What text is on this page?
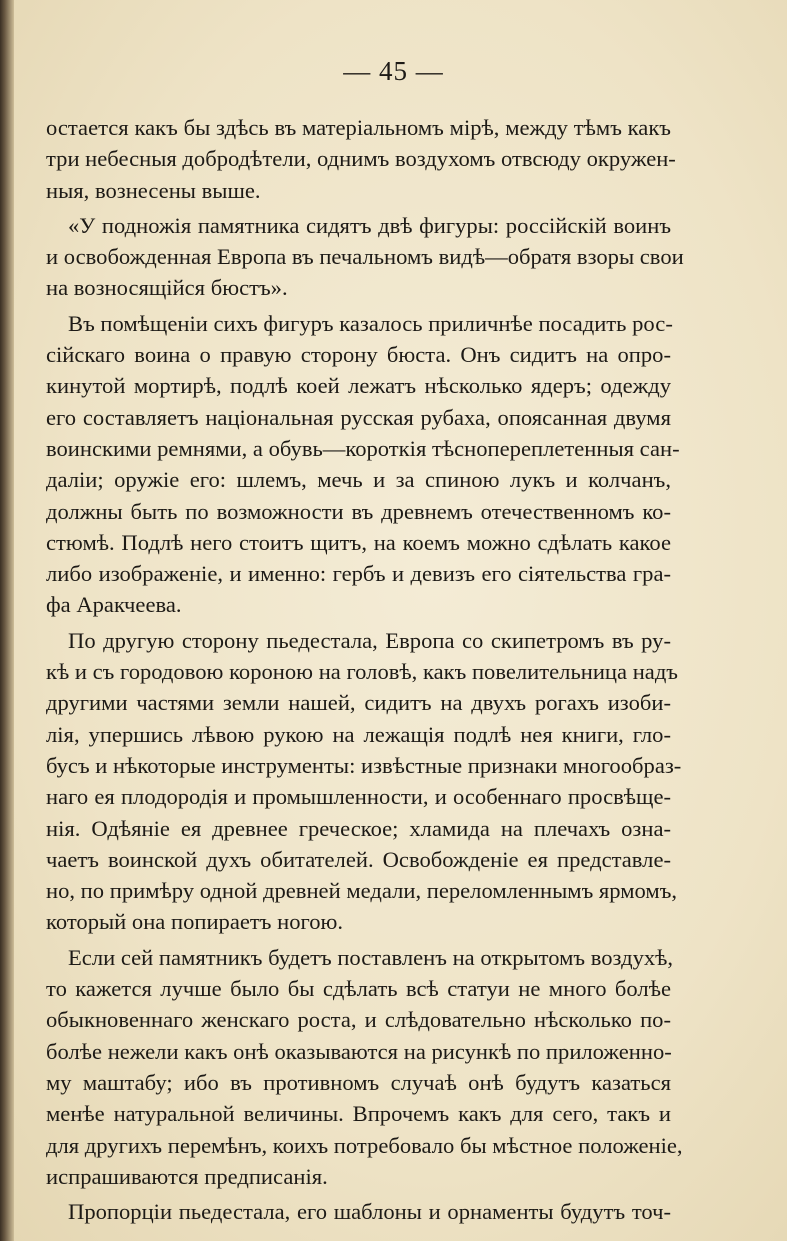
— 45 —
остается какъ бы здѣсь въ матеріальномъ мірѣ, между тѣмъ какъ
три небесныя добродѣтели, однимъ воздухомъ отвсюду окружен-
ныя, вознесены выше.
«У подножія памятника сидятъ двѣ фигуры: россійскій воинъ
и освобожденная Европа въ печальномъ видѣ—обратя взоры свои
на возносящійся бюстъ».
Въ помѣщеніи сихъ фигуръ казалось приличнѣе посадить рос-
сійскаго воина о правую сторону бюста. Онъ сидитъ на опро-
кинутой мортирѣ, подлѣ коей лежатъ нѣсколько ядеръ; одежду
его составляетъ національная русская рубаха, опоясанная двумя
воинскими ремнями, а обувь—короткія тѣснопереплетенныя сан-
даліи; оружіе его: шлемъ, мечь и за спиною лукъ и колчанъ,
должны быть по возможности въ древнемъ отечественномъ ко-
стюмѣ. Подлѣ него стоитъ щитъ, на коемъ можно сдѣлать какое
либо изображеніе, и именно: гербъ и девизъ его сіятельства гра-
фа Аракчеева.
По другую сторону пьедестала, Европа со скипетромъ въ ру-
кѣ и съ городовою короною на головѣ, какъ повелительница надъ
другими частями земли нашей, сидитъ на двухъ рогахъ изоби-
лія, упершись лѣвою рукою на лежащія подлѣ нея книги, гло-
бусъ и нѣкоторые инструменты: извѣстные признаки многообраз-
наго ея плодородія и промышленности, и особеннаго просвѣще-
нія. Одѣяніе ея древнее греческое; хламида на плечахъ озна-
чаетъ воинской духъ обитателей. Освобожденіе ея представле-
но, по примѣру одной древней медали, переломленнымъ ярмомъ,
который она попираетъ ногою.
Если сей памятникъ будетъ поставленъ на открытомъ воздухѣ,
то кажется лучше было бы сдѣлать всѣ статуи не много болѣе
обыкновеннаго женскаго роста, и слѣдовательно нѣсколько по-
болѣе нежели какъ онѣ оказываются на рисункѣ по приложенно-
му маштабу; ибо въ противномъ случаѣ онѣ будутъ казаться
менѣе натуральной величины. Впрочемъ какъ для сего, такъ и
для другихъ перемѣнъ, коихъ потребовало бы мѣстное положеніе,
испрашиваются предписанія.
Пропорціи пьедестала, его шаблоны и орнаменты будутъ точ-
